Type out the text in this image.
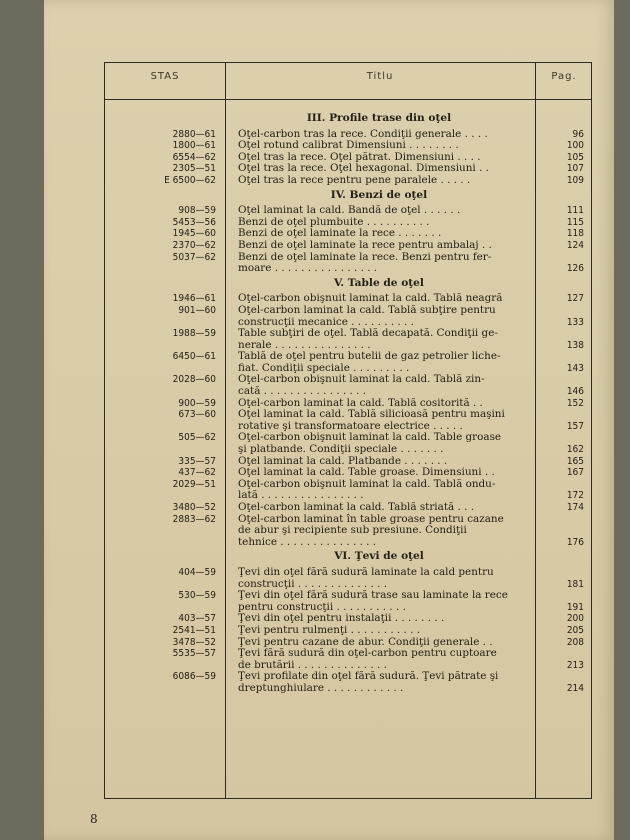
STAS	Titlu	Pag.
III. Profile trase din oţel
2880—61 Oţel-carbon tras la rece. Condiţii generale . . . .	96
1800—61 Oţel rotund calibrat Dimensiuni . . . . . . . .	100
6554—62 Oţel tras la rece. Oţel pătrat. Dimensiuni . . . .	105
2305—51 Oţel tras la rece. Oţel hexagonal. Dimensiuni . .	107
E 6500—62 Oţel tras la rece pentru pene paralele . . . . .	109
IV. Benzi de oţel
908—59 Oţel laminat la cald. Bandă de oţel . . . . . .	111
5453—56 Benzi de oţel plumbuite . . . . . . . . . .	115
1945—60 Benzi de oţel laminate la rece . . . . . . .	118
2370—62 Benzi de oţel laminate la rece pentru ambalaj . .	124
5037—62 Benzi de oţel laminate la rece. Benzi pentru fer-
moare . . . . . . . . . . . . . . . .	126
V. Table de oţel
1946—61 Oţel-carbon obişnuit laminat la cald. Tablă neagră	127
901—60 Oţel-carbon laminat la cald. Tablă subţire pentru
construcţii mecanice . . . . . . . . . .	133
1988—59 Table subţiri de oţel. Tablă decapată. Condiţii ge-
nerale . . . . . . . . . . . . . . .	138
6450—61 Tablă de oţel pentru butelii de gaz petrolier liche-
fiat. Condiţii speciale . . . . . . . . .	143
2028—60 Oţel-carbon obişnuit laminat la cald. Tablă zin-
cată . . . . . . . . . . . . . . . .	146
900—59 Oţel-carbon laminat la cald. Tablă cositorită . .	152
673—60 Oţel laminat la cald. Tablă silicioasă pentru maşini
rotative şi transformatoare electrice . . . . .	157
505—62 Oţel-carbon obişnuit laminat la cald. Table groase
şi platbande. Condiţii speciale . . . . . . .	162
335—57 Oţel laminat la cald. Platbande . . . . . . .	165
437—62 Oţel laminat la cald. Table groase. Dimensiuni . .	167
2029—51 Oţel-carbon obişnuit laminat la cald. Tablă ondu-
lată . . . . . . . . . . . . . . . .	172
3480—52 Oţel-carbon laminat la cald. Tablă striată . . .	174
2883—62 Oţel-carbon laminat în table groase pentru cazane
de abur şi recipiente sub presiune. Condiţii
tehnice . . . . . . . . . . . . . . .	176
VI. Ţevi de oţel
404—59 Ţevi din oţel fără sudură laminate la cald pentru
construcţii . . . . . . . . . . . . . .	181
530—59 Ţevi din oţel fără sudură trase sau laminate la rece
pentru construcţii . . . . . . . . . . .	191
403—57 Ţevi din oţel pentru instalaţii . . . . . . . .	200
2541—51 Ţevi pentru rulmenţi . . . . . . . . . . .	205
3478—52 Ţevi pentru cazane de abur. Condiţii generale . .	208
5535—57 Ţevi fără sudură din oţel-carbon pentru cuptoare
de brutării . . . . . . . . . . . . . .	213
6086—59 Ţevi profilate din oţel fără sudură. Ţevi pătrate şi
dreptunghiulare . . . . . . . . . . . .	214
8
